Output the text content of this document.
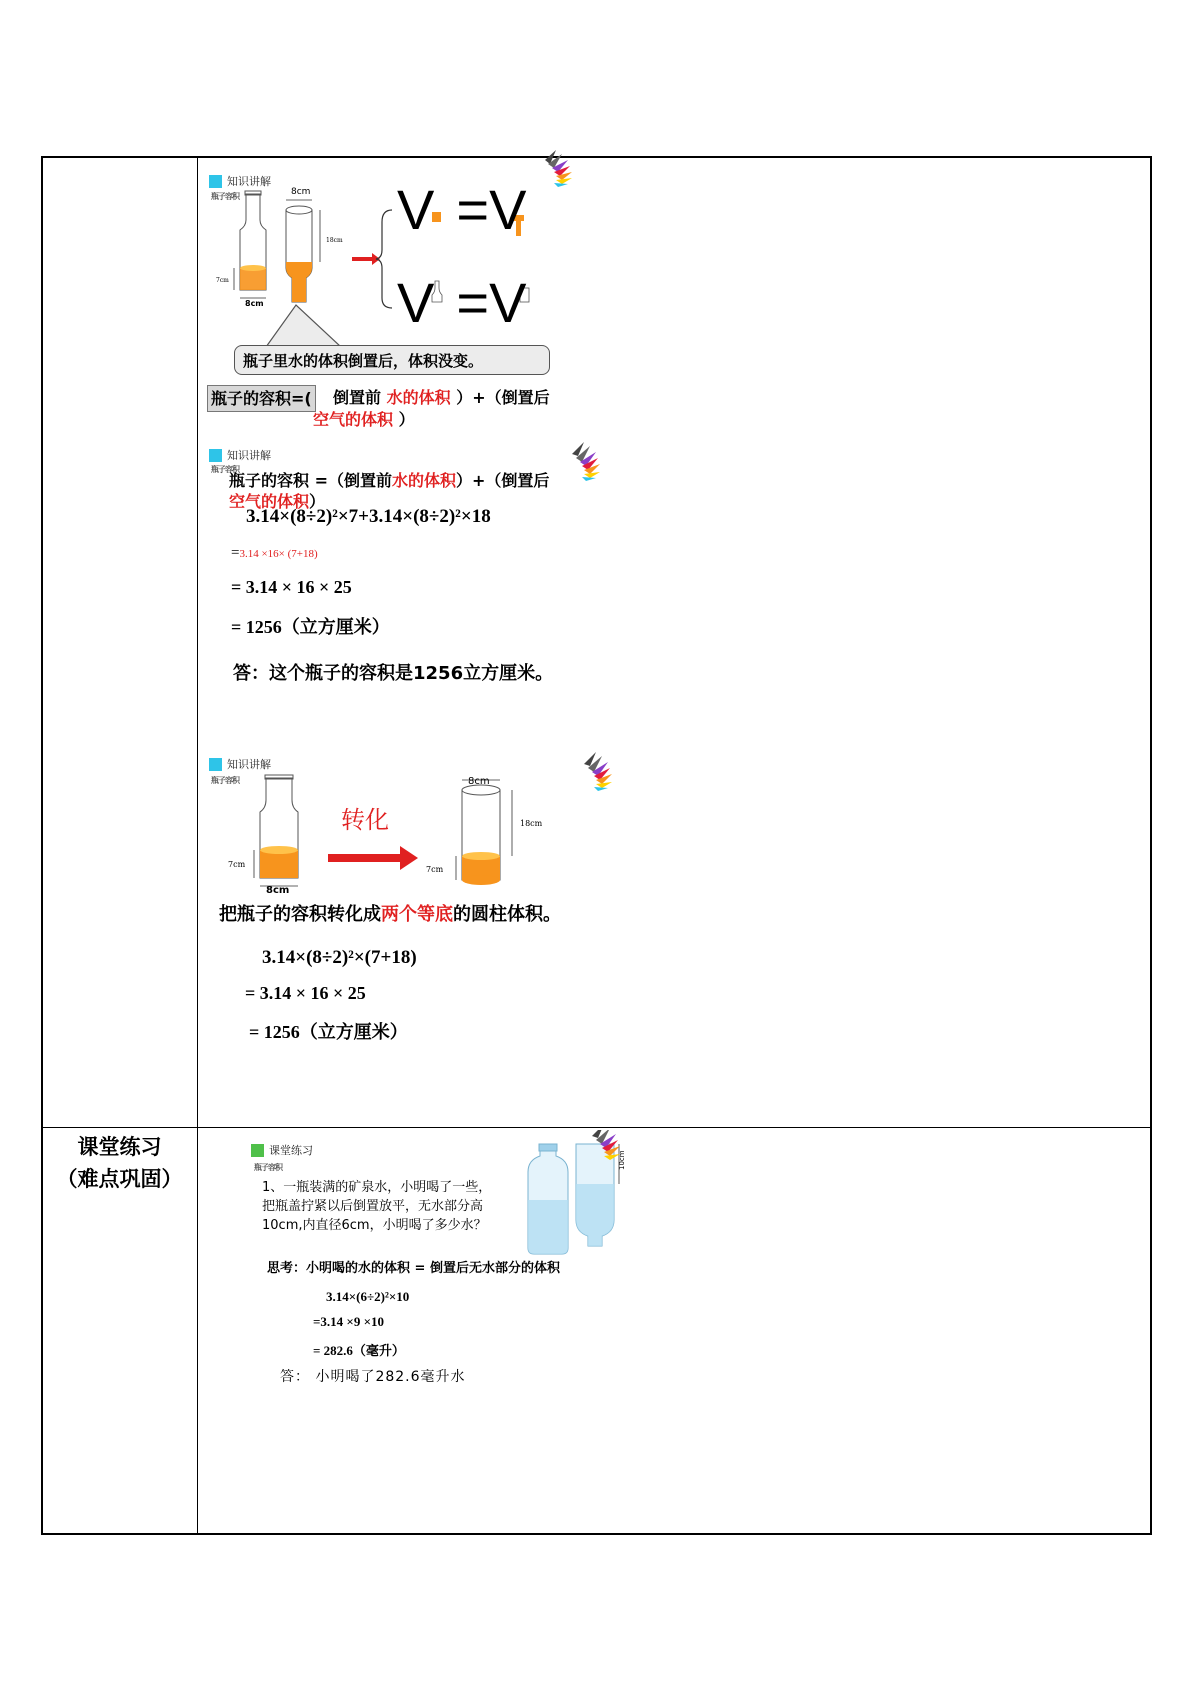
课堂练习
（难点巩固）
知识讲解
瓶子容积	8cm
18cm
7cm
8cm
V =V
V =V
瓶子里水的体积倒置后，体积没变。
瓶子的容积=( 倒置前 水的体积 ）+（倒置后
空气的体积 ）
知识讲解
瓶子容积
瓶子的容积 =（倒置前水的体积）+（倒置后
空气的体积）
3.14×(8÷2)²×7+3.14×(8÷2)²×18
=3.14 ×16× (7+18)
= 3.14 × 16 × 25
= 1256（立方厘米）
答：这个瓶子的容积是1256立方厘米。
知识讲解
瓶子容积
7cm
8cm
8cm
18cm
7cm
转化
把瓶子的容积转化成两个等底的圆柱体积。
3.14×(8÷2)²×(7+18)
= 3.14 × 16 × 25
= 1256（立方厘米）
课堂练习
瓶子容积
1、一瓶装满的矿泉水，小明喝了一些，
把瓶盖拧紧以后倒置放平，无水部分高
10cm,内直径6cm，小明喝了多少水？
10cm
思考：小明喝的水的体积 = 倒置后无水部分的体积
3.14×(6÷2)²×10
=3.14 ×9 ×10
= 282.6（毫升）
答： 小明喝了282.6毫升水
